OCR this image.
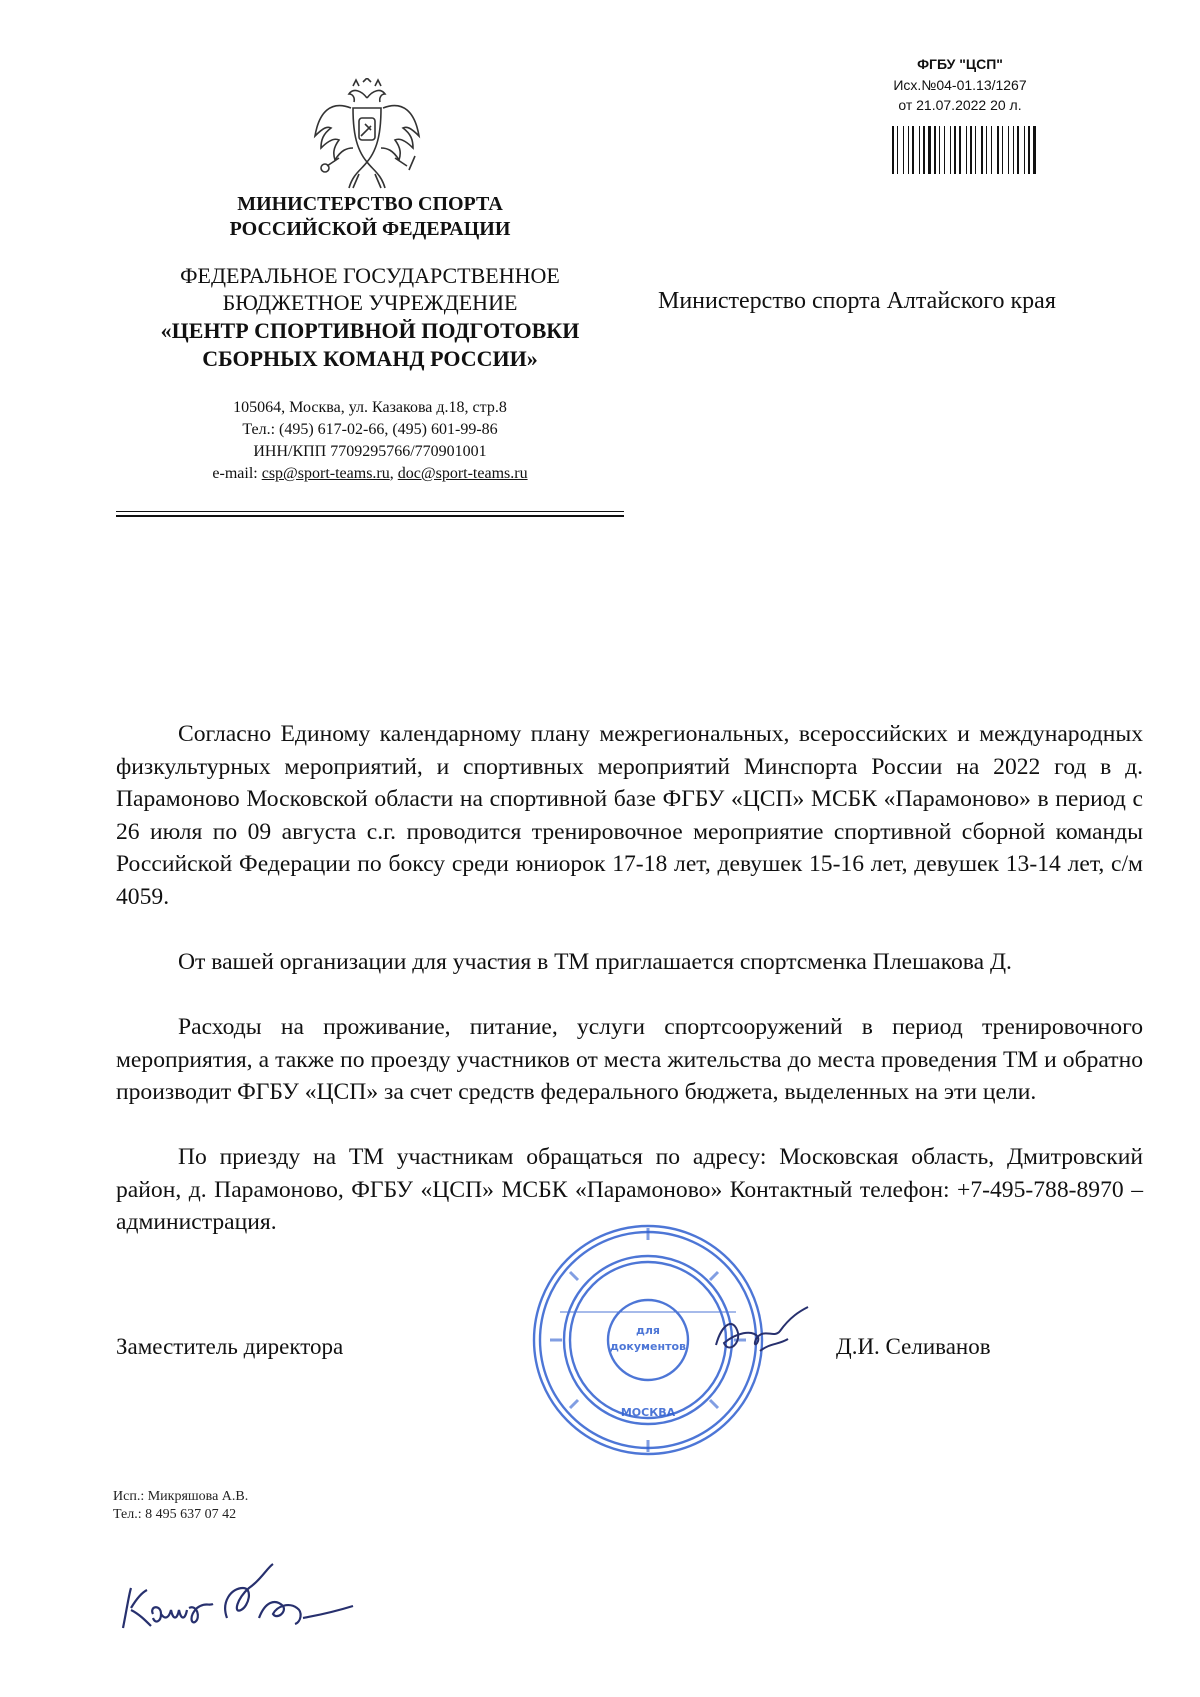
ФГБУ "ЦСП"
Исх.№04-01.13/1267
от 21.07.2022 20 л.
МИНИСТЕРСТВО СПОРТА
РОССИЙСКОЙ ФЕДЕРАЦИИ
ФЕДЕРАЛЬНОЕ ГОСУДАРСТВЕННОЕ
БЮДЖЕТНОЕ УЧРЕЖДЕНИЕ
«ЦЕНТР СПОРТИВНОЙ ПОДГОТОВКИ
СБОРНЫХ КОМАНД РОССИИ»
105064, Москва, ул. Казакова д.18, стр.8
Тел.: (495) 617-02-66, (495) 601-99-86
ИНН/КПП 7709295766/770901001
e-mail: csp@sport-teams.ru, doc@sport-teams.ru
Министерство спорта Алтайского края

Согласно Единому календарному плану межрегиональных, всероссийских и международных физкультурных мероприятий, и спортивных мероприятий Минспорта России на 2022 год в д. Парамоново Московской области на спортивной базе ФГБУ «ЦСП» МСБК «Парамоново» в период с 26 июля по 09 августа с.г. проводится тренировочное мероприятие спортивной сборной команды Российской Федерации по боксу среди юниорок 17-18 лет, девушек 15-16 лет, девушек 13-14 лет, с/м 4059.

От вашей организации для участия в ТМ приглашается спортсменка Плешакова Д.

Расходы на проживание, питание, услуги спортсооружений в период тренировочного мероприятия, а также по проезду участников от места жительства до места проведения ТМ и обратно производит ФГБУ «ЦСП» за счет средств федерального бюджета, выделенных на эти цели.

По приезду на ТМ участникам обращаться по адресу: Московская область, Дмитровский район, д. Парамоново, ФГБУ «ЦСП» МСБК «Парамоново» Контактный телефон: +7-495-788-8970 – администрация.

для
документов
МОСКВА
Заместитель директора	Д.И. Селиванов
Исп.: Микряшова А.В.
Тел.: 8 495 637 07 42
